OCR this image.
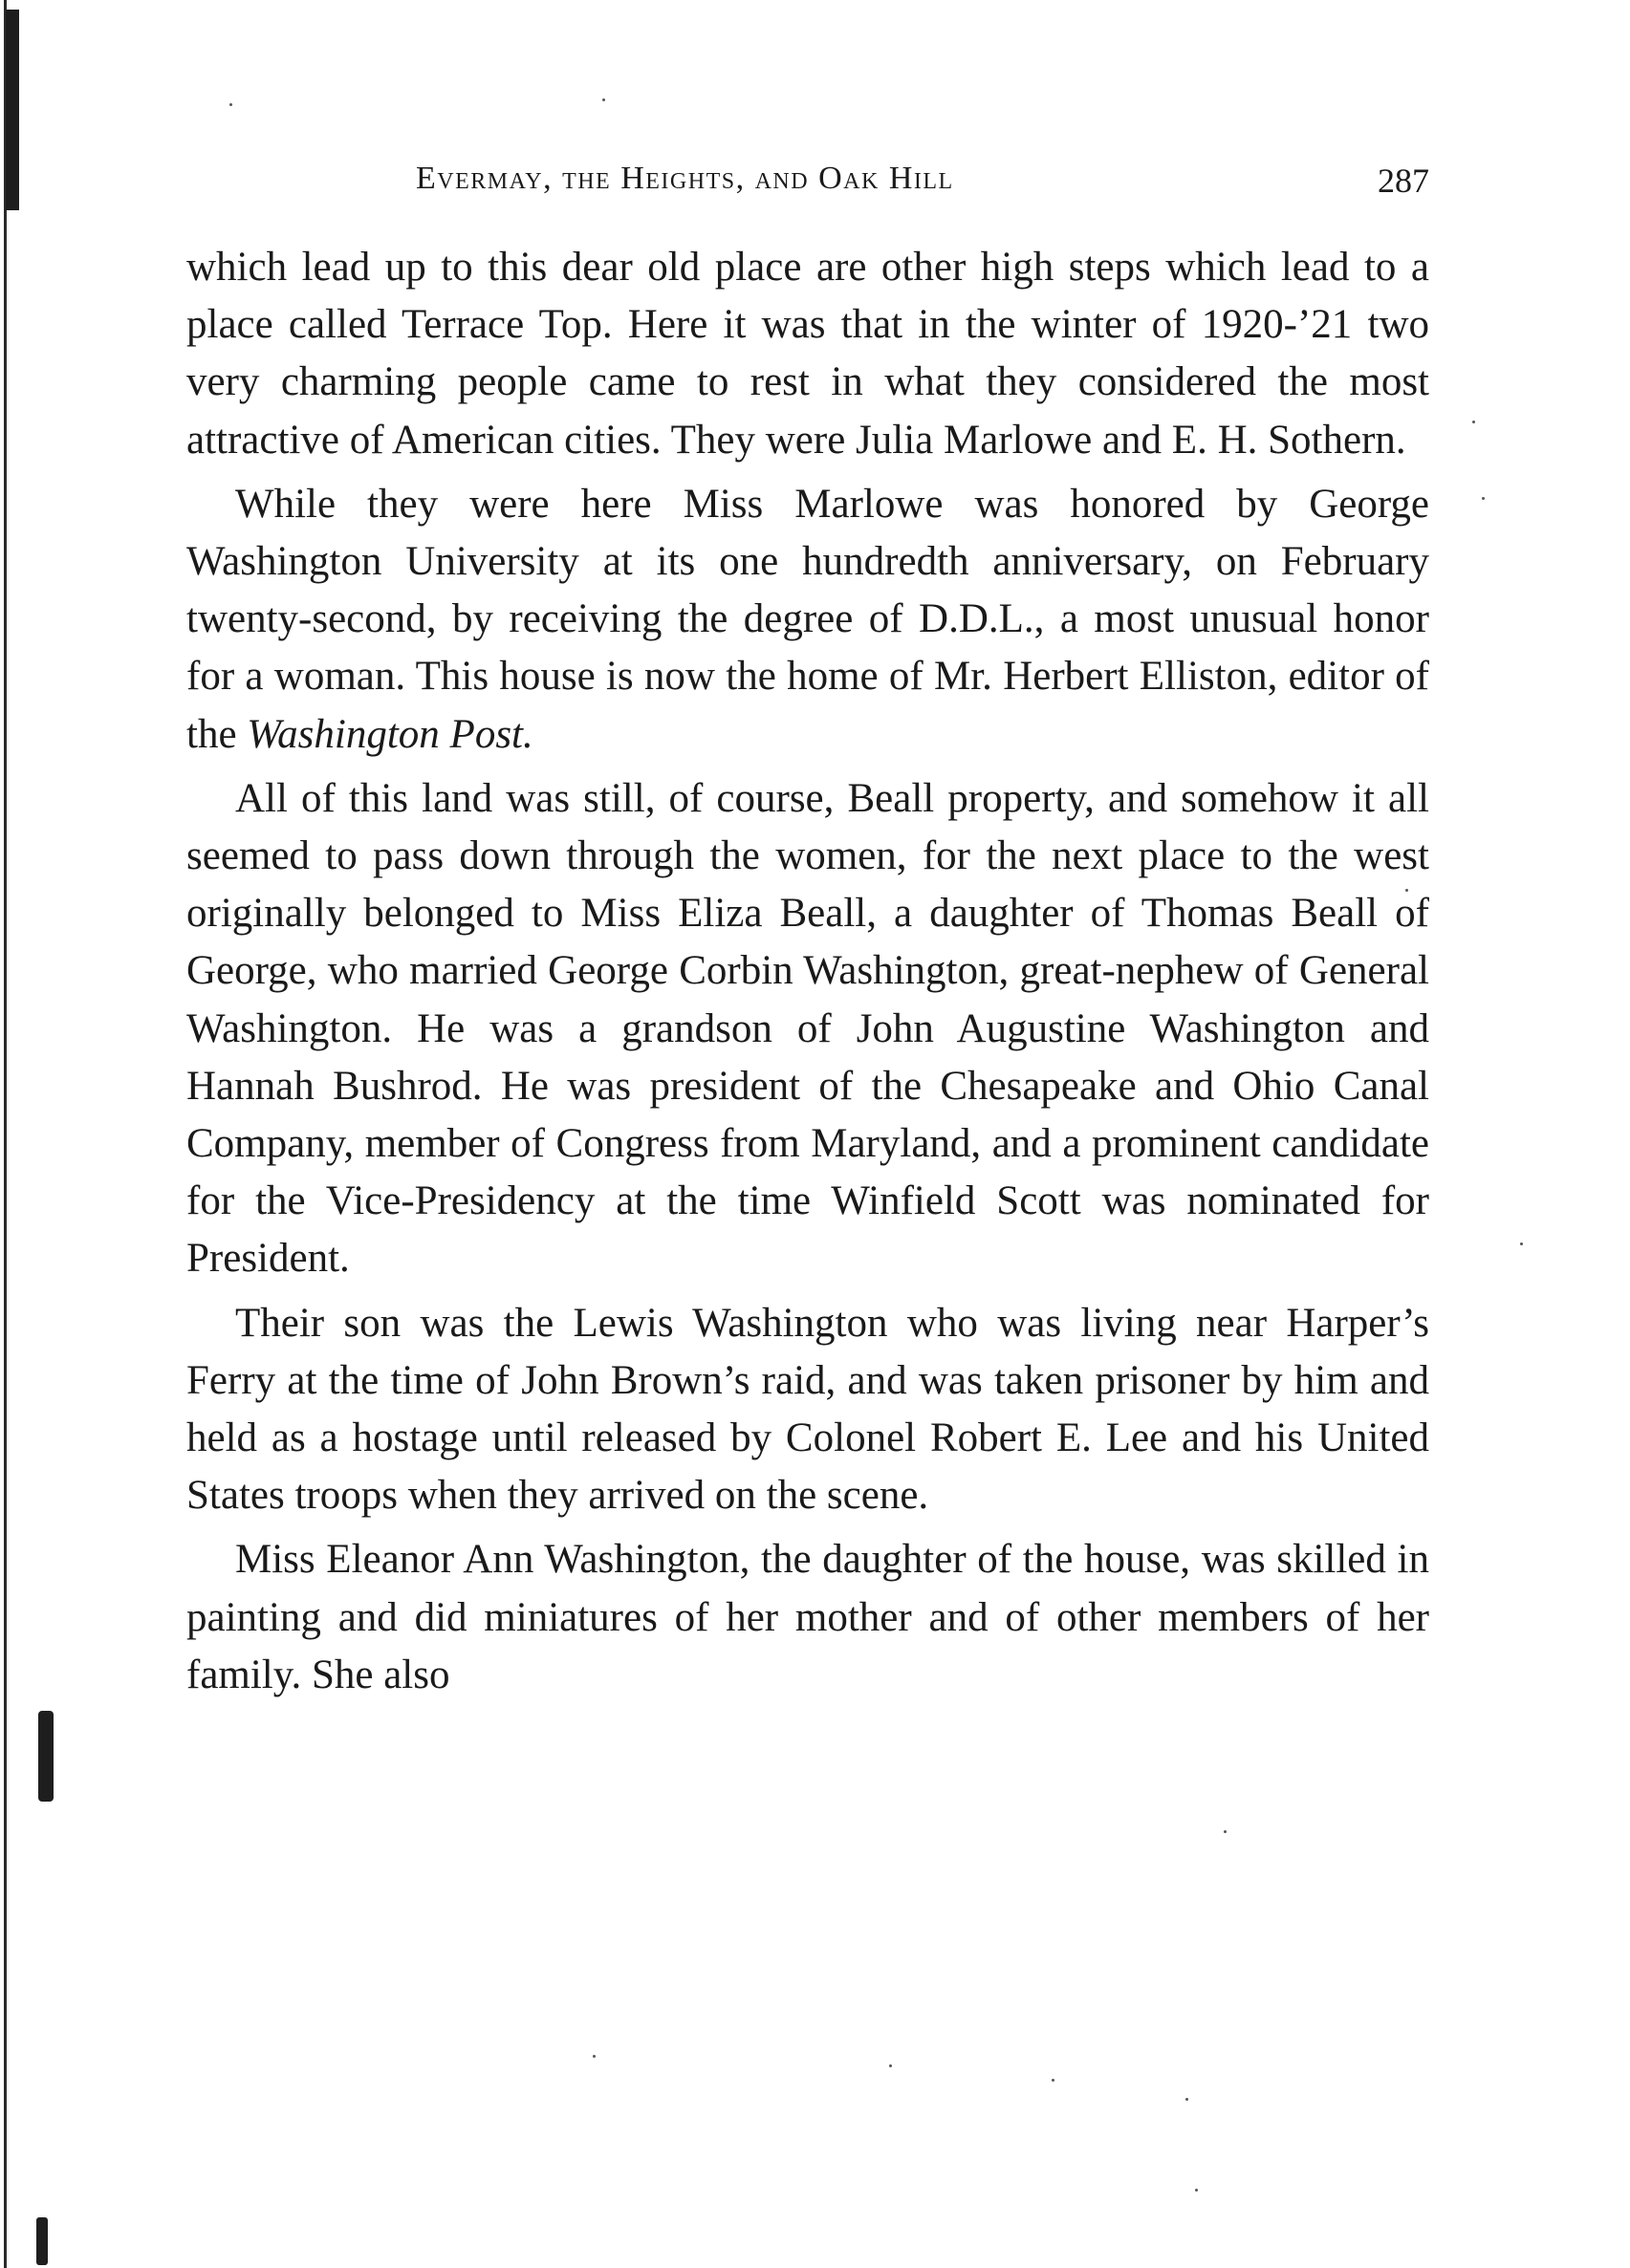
Evermay, the Heights, and Oak Hill	287

which lead up to this dear old place are other high steps which lead to a place called Terrace Top. Here it was that in the winter of 1920-’21 two very charming people came to rest in what they considered the most attractive of American cities. They were Julia Marlowe and E. H. Sothern.

While they were here Miss Marlowe was honored by George Washington University at its one hundredth anniversary, on February twenty-second, by receiving the degree of D.D.L., a most unusual honor for a woman. This house is now the home of Mr. Herbert Elliston, editor of the Washington Post.

All of this land was still, of course, Beall property, and somehow it all seemed to pass down through the women, for the next place to the west originally belonged to Miss Eliza Beall, a daughter of Thomas Beall of George, who married George Corbin Washington, great-nephew of General Washington. He was a grandson of John Augustine Washington and Hannah Bushrod. He was president of the Chesapeake and Ohio Canal Company, member of Congress from Maryland, and a prominent candidate for the Vice-Presidency at the time Winfield Scott was nominated for President.

Their son was the Lewis Washington who was living near Harper’s Ferry at the time of John Brown’s raid, and was taken prisoner by him and held as a hostage until released by Colonel Robert E. Lee and his United States troops when they arrived on the scene.

Miss Eleanor Ann Washington, the daughter of the house, was skilled in painting and did miniatures of her mother and of other members of her family. She also
